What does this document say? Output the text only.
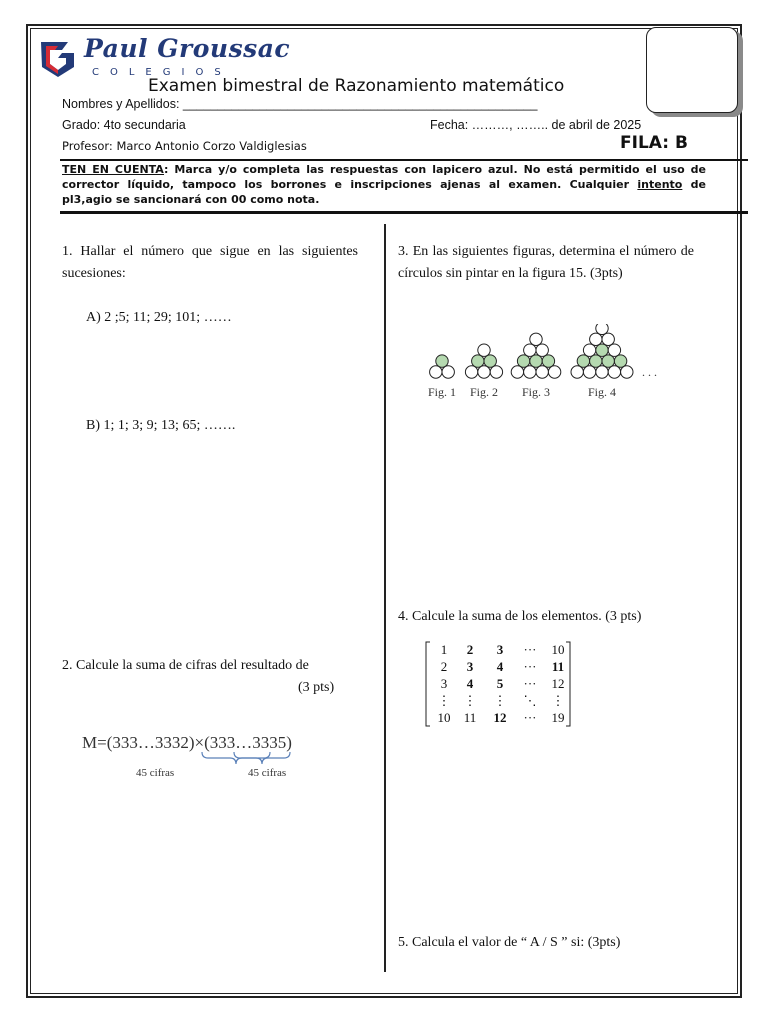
Paul Groussac
COLEGIOS
Examen bimestral de Razonamiento matemático
Nombres y Apellidos: ___________________________________________________
Grado: 4to secundaria	Fecha: ………, …….. de abril de 2025
Profesor: Marco Antonio Corzo Valdiglesias	FILA: B
TEN EN CUENTA: Marca y/o completa las respuestas con lapicero azul. No está permitido el uso de corrector líquido, tampoco los borrones e inscripciones ajenas al examen. Cualquier intento de pl3,agio se sancionará con 00 como nota.
1. Hallar el número que sigue en las siguientes sucesiones:
A) 2 ;5; 11; 29; 101; ……
B) 1; 1; 3; 9; 13; 65; …….
2. Calcule la suma de cifras del resultado de
(3 pts)
M=(333…3332)×(333…3335)
45 cifras	45 cifras
3. En las siguientes figuras, determina el número de círculos sin pintar en la figura 15. (3pts)
Fig. 1 Fig. 2 Fig. 3	Fig. 4
. . .
4. Calcule la suma de los elementos. (3 pts)
1 2 3 ··· 10
2 3 4 ··· 11
3 4 5 ··· 12
⋮ ⋮ ⋮ ⋱ ⋮
10 11 12 ··· 19
5. Calcula el valor de “ A / S ” si: (3pts)
